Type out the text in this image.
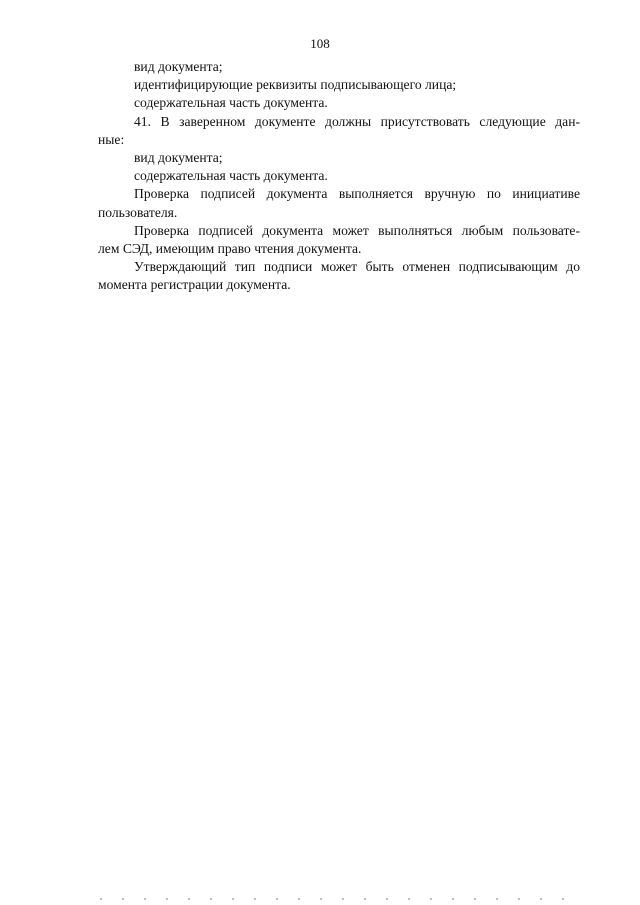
108
вид документа;
идентифицирующие реквизиты подписывающего лица;
содержательная часть документа.
41. В заверенном документе должны присутствовать следующие дан-
ные:
вид документа;
содержательная часть документа.
Проверка подписей документа выполняется вручную по инициативе
пользователя.
Проверка подписей документа может выполняться любым пользовате-
лем СЭД, имеющим право чтения документа.
Утверждающий тип подписи может быть отменен подписывающим до
момента регистрации документа.
